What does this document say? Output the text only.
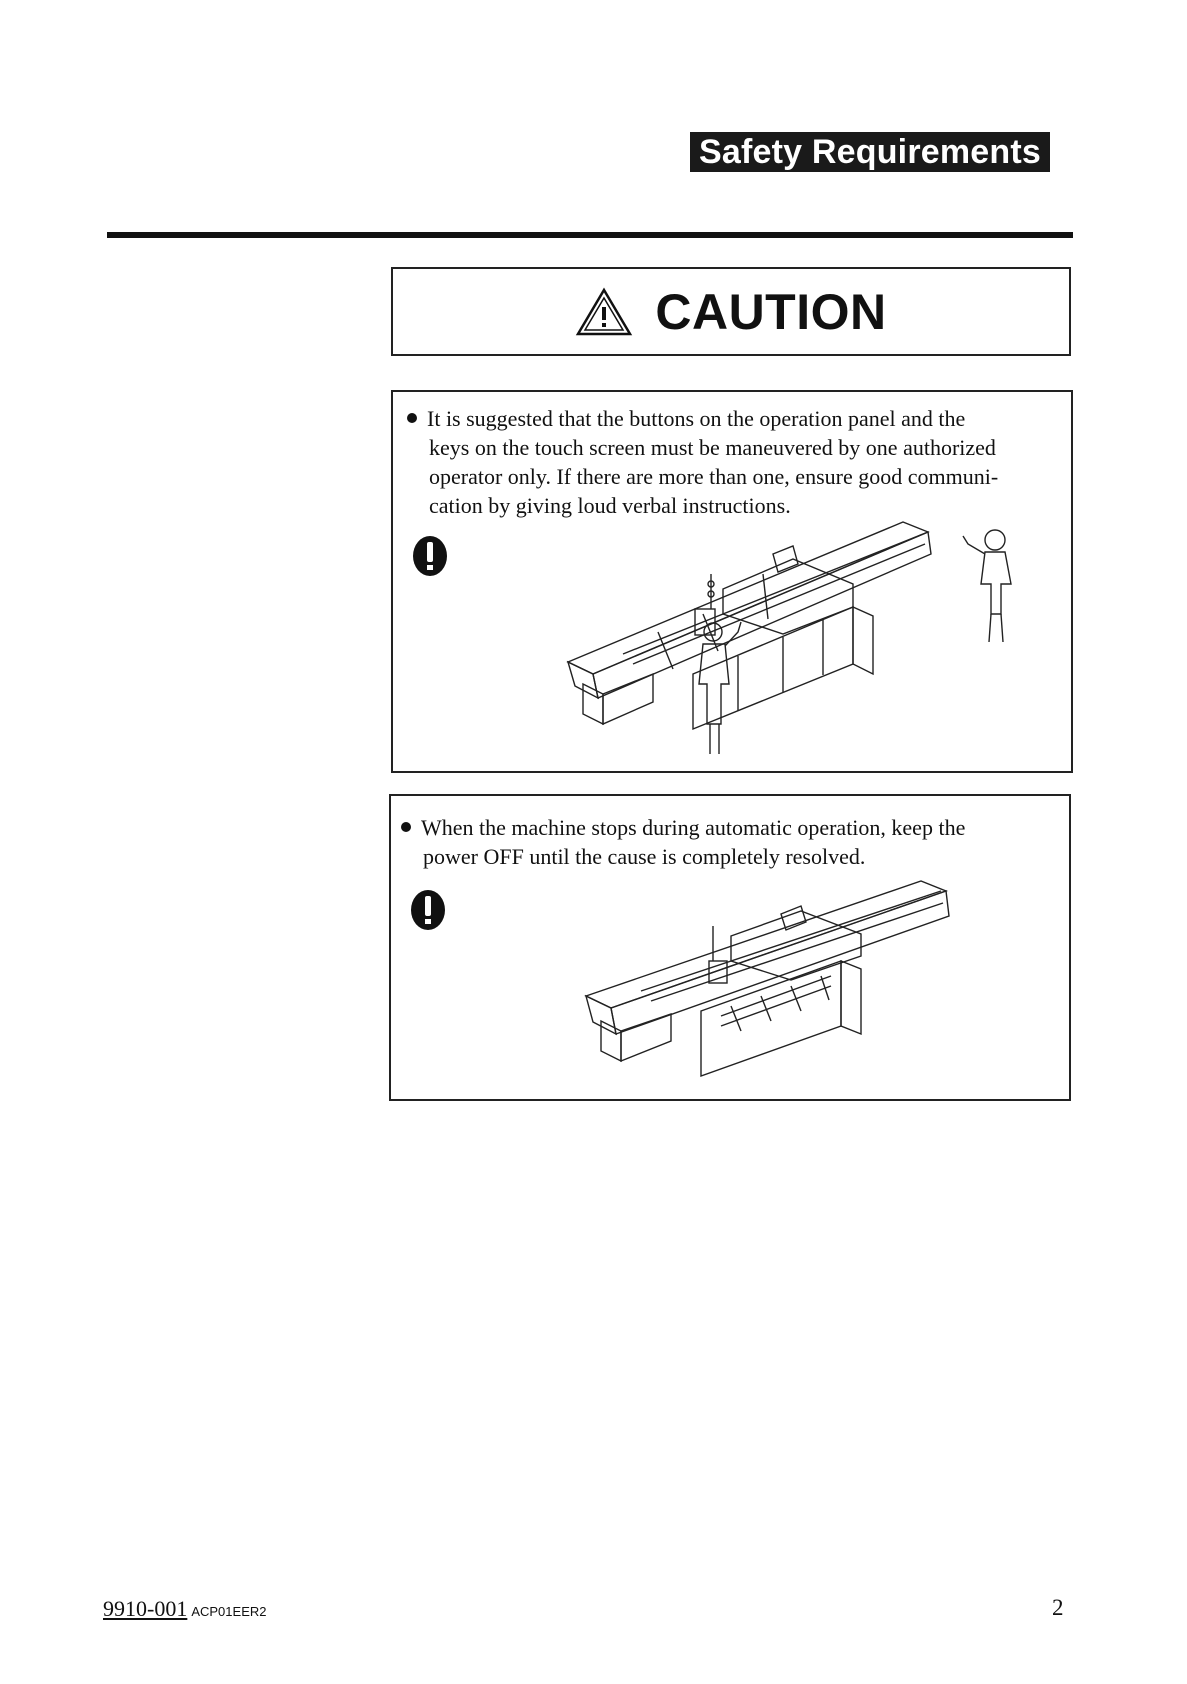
Safety Requirements
CAUTION
It is suggested that the buttons on the operation panel and the
keys on the touch screen must be maneuvered by one authorized
operator only. If there are more than one, ensure good communi-
cation by giving loud verbal instructions.
When the machine stops during automatic operation, keep the
power OFF until the cause is completely resolved.
9910-001 ACP01EER2	2
